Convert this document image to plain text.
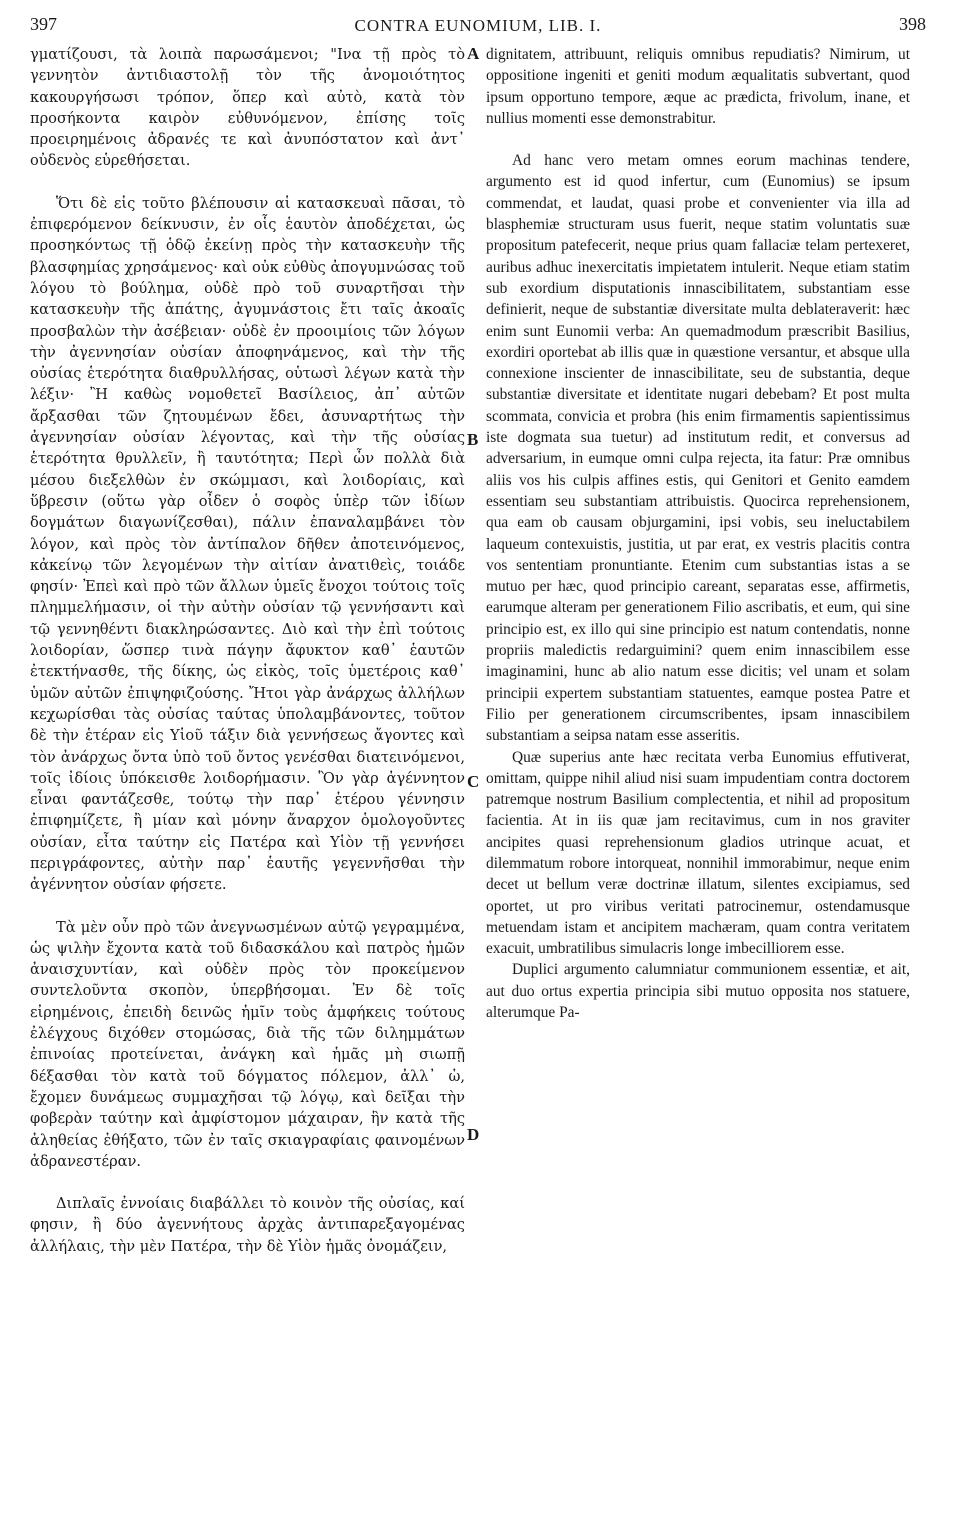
397	CONTRA EUNOMIUM, LIB. I.	398

γματίζουσι, τὰ λοιπὰ παρωσάμενοι; "Ινα τῇ πρὸς τὸ γεννητὸν ἀντιδιαστολῇ τὸν τῆς ἀνομοιότητος κακουργήσωσι τρόπον, ὅπερ καὶ αὐτὸ, κατὰ τὸν προσήκοντα καιρὸν εὐθυνόμενον, ἐπίσης τοῖς προειρημένοις ἀδρανές τε καὶ ἀνυπόστατον καὶ ἀντ᾽ οὐδενὸς εὑρεθήσεται.

Ὅτι δὲ εἰς τοῦτο βλέπουσιν αἱ κατασκευαὶ πᾶσαι, τὸ ἐπιφερόμενον δείκνυσιν, ἐν οἷς ἑαυτὸν ἀποδέχεται, ὡς προσηκόντως τῇ ὁδῷ ἐκείνῃ πρὸς τὴν κατασκευὴν τῆς βλασφημίας χρησάμενος· καὶ οὐκ εὐθὺς ἀπογυμνώσας τοῦ λόγου τὸ βούλημα, οὐδὲ πρὸ τοῦ συναρτῆσαι τὴν κατασκευὴν τῆς ἀπάτης, ἀγυμνάστοις ἔτι ταῖς ἀκοαῖς προσβαλὼν τὴν ἀσέβειαν· οὐδὲ ἐν προοιμίοις τῶν λόγων τὴν ἀγεννησίαν οὐσίαν ἀποφηνάμενος, καὶ τὴν τῆς οὐσίας ἑτερότητα διαθρυλλήσας, οὑτωσὶ λέγων κατὰ τὴν λέξιν· Ἢ καθὼς νομοθετεῖ Βασίλειος, ἀπ᾽ αὐτῶν ἄρξασθαι τῶν ζητουμένων ἔδει, ἀσυναρτήτως τὴν ἀγεννησίαν οὐσίαν λέγοντας, καὶ τὴν τῆς οὐσίας ἑτερότητα θρυλλεῖν, ἢ ταυτότητα; Περὶ ὧν πολλὰ διὰ μέσου διεξελθὼν ἐν σκώμμασι, καὶ λοιδορίαις, καὶ ὕβρεσιν (οὕτω γὰρ οἶδεν ὁ σοφὸς ὑπὲρ τῶν ἰδίων δογμάτων διαγωνίζεσθαι), πάλιν ἐπαναλαμβάνει τὸν λόγον, καὶ πρὸς τὸν ἀντίπαλον δῆθεν ἀποτεινόμενος, κἀκείνῳ τῶν λεγομένων τὴν αἰτίαν ἀνατιθεὶς, τοιάδε φησίν· Ἐπεὶ καὶ πρὸ τῶν ἄλλων ὑμεῖς ἔνοχοι τούτοις τοῖς πλημμελήμασιν, οἱ τὴν αὐτὴν οὐσίαν τῷ γεννήσαντι καὶ τῷ γεννηθέντι διακληρώσαντες. Διὸ καὶ τὴν ἐπὶ τούτοις λοιδορίαν, ὥσπερ τινὰ πάγην ἄφυκτον καθ᾽ ἑαυτῶν ἐτεκτήνασθε, τῆς δίκης, ὡς εἰκὸς, τοῖς ὑμετέροις καθ᾽ ὑμῶν αὐτῶν ἐπιψηφιζούσης. Ἤτοι γὰρ ἀνάρχως ἀλλήλων κεχωρίσθαι τὰς οὐσίας ταύτας ὑπολαμβάνοντες, τοῦτον δὲ τὴν ἑτέραν εἰς Υἱοῦ τάξιν διὰ γεννήσεως ἄγοντες καὶ τὸν ἀνάρχως ὄντα ὑπὸ τοῦ ὄντος γενέσθαι διατεινόμενοι, τοῖς ἰδίοις ὑπόκεισθε λοιδορήμασιν. Ὃν γὰρ ἀγέννητον εἶναι φαντάζεσθε, τούτῳ τὴν παρ᾽ ἑτέρου γέννησιν ἐπιφημίζετε, ἢ μίαν καὶ μόνην ἄναρχον ὁμολογοῦντες οὐσίαν, εἶτα ταύτην εἰς Πατέρα καὶ Υἱὸν τῇ γεννήσει περιγράφοντες, αὐτὴν παρ᾽ ἑαυτῆς γεγεννῆσθαι τὴν ἀγέννητον οὐσίαν φήσετε.

Τὰ μὲν οὖν πρὸ τῶν ἀνεγνωσμένων αὐτῷ γεγραμμένα, ὡς ψιλὴν ἔχοντα κατὰ τοῦ διδασκάλου καὶ πατρὸς ἡμῶν ἀναισχυντίαν, καὶ οὐδὲν πρὸς τὸν προκείμενον συντελοῦντα σκοπὸν, ὑπερβήσομαι. Ἐν δὲ τοῖς εἰρημένοις, ἐπειδὴ δεινῶς ἡμῖν τοὺς ἀμφήκεις τούτους ἐλέγχους διχόθεν στομώσας, διὰ τῆς τῶν διλημμάτων ἐπινοίας προτείνεται, ἀνάγκη καὶ ἡμᾶς μὴ σιωπῇ δέξασθαι τὸν κατὰ τοῦ δόγματος πόλεμον, ἀλλ᾽ ὡ, ἔχομεν δυνάμεως συμμαχῆσαι τῷ λόγῳ, καὶ δεῖξαι τὴν φοβερὰν ταύτην καὶ ἀμφίστομον μάχαιραν, ἣν κατὰ τῆς ἀληθείας ἐθήξατο, τῶν ἐν ταῖς σκιαγραφίαις φαινομένων ἀδρανεστέραν.

Διπλαῖς ἐννοίαις διαβάλλει τὸ κοινὸν τῆς οὐσίας, καί φησιν, ἢ δύο ἀγεννήτους ἀρχὰς ἀντιπαρεξαγομένας ἀλλήλαις, τὴν μὲν Πατέρα, τὴν δὲ Υἱὸν ἡμᾶς ὀνομάζειν,

A
B
C
D

dignitatem, attribuunt, reliquis omnibus repudiatis? Nimirum, ut oppositione ingeniti et geniti modum æqualitatis subvertant, quod ipsum opportuno tempore, æque ac prædicta, frivolum, inane, et nullius momenti esse demonstrabitur.

Ad hanc vero metam omnes eorum machinas tendere, argumento est id quod infertur, cum (Eunomius) se ipsum commendat, et laudat, quasi probe et convenienter via illa ad blasphemiæ structuram usus fuerit, neque statim voluntatis suæ propositum patefecerit, neque prius quam fallaciæ telam pertexeret, auribus adhuc inexercitatis impietatem intulerit. Neque etiam statim sub exordium disputationis innascibilitatem, substantiam esse definierit, neque de substantiæ diversitate multa deblateraverit: hæc enim sunt Eunomii verba: An quemadmodum præscribit Basilius, exordiri oportebat ab illis quæ in quæstione versantur, et absque ulla connexione inscienter de innascibilitate, seu de substantia, deque substantiæ diversitate et identitate nugari debebam? Et post multa scommata, convicia et probra (his enim firmamentis sapientissimus iste dogmata sua tuetur) ad institutum redit, et conversus ad adversarium, in eumque omni culpa rejecta, ita fatur: Præ omnibus aliis vos his culpis affines estis, qui Genitori et Genito eamdem essentiam seu substantiam attribuistis. Quocirca reprehensionem, qua eam ob causam objurgamini, ipsi vobis, seu ineluctabilem laqueum contexuistis, justitia, ut par erat, ex vestris placitis contra vos sententiam pronuntiante. Etenim cum substantias istas a se mutuo per hæc, quod principio careant, separatas esse, affirmetis, earumque alteram per generationem Filio ascribatis, et eum, qui sine principio est, ex illo qui sine principio est natum contendatis, nonne propriis maledictis redarguimini? quem enim innascibilem esse imaginamini, hunc ab alio natum esse dicitis; vel unam et solam principii expertem substantiam statuentes, eamque postea Patre et Filio per generationem circumscribentes, ipsam innascibilem substantiam a seipsa natam esse asseritis.

Quæ superius ante hæc recitata verba Eunomius effutiverat, omittam, quippe nihil aliud nisi suam impudentiam contra doctorem patremque nostrum Basilium complectentia, et nihil ad propositum facientia. At in iis quæ jam recitavimus, cum in nos graviter ancipites quasi reprehensionum gladios utrinque acuat, et dilemmatum robore intorqueat, nonnihil immorabimur, neque enim decet ut bellum veræ doctrinæ illatum, silentes excipiamus, sed oportet, ut pro viribus veritati patrocinemur, ostendamusque metuendam istam et ancipitem machæram, quam contra veritatem exacuit, umbratilibus simulacris longe imbecilliorem esse.

Duplici argumento calumniatur communionem essentiæ, et ait, aut duo ortus expertia principia sibi mutuo opposita nos statuere, alterumque Pa-
